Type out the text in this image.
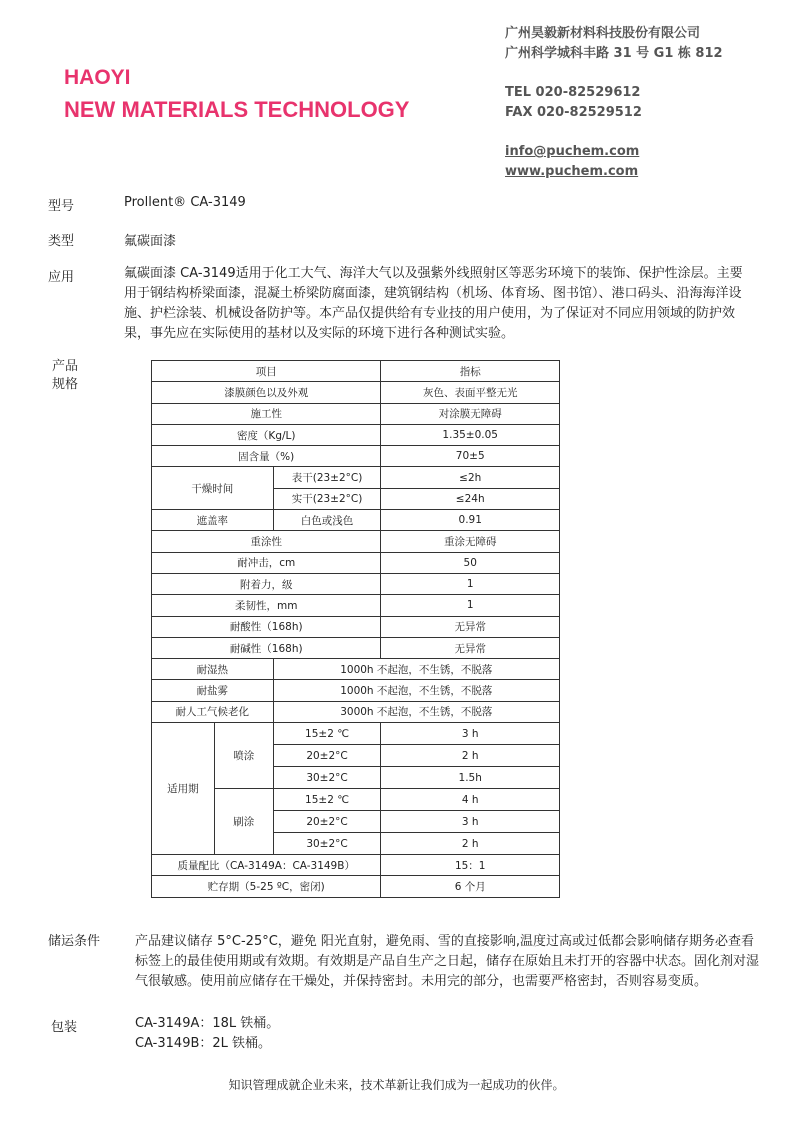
HAOYI
NEW MATERIALS TECHNOLOGY
广州昊毅新材料科技股份有限公司
广州科学城科丰路 31 号 G1 栋 812
TEL 020-82529612
FAX 020-82529512
info@puchem.com
www.puchem.com
型号	Prollent® CA-3149
类型	氟碳面漆
应用	氟碳面漆 CA-3149适用于化工大气、海洋大气以及强紫外线照射区等恶劣环境下的装饰、保护性涂层。主要用于钢结构桥梁面漆，混凝土桥梁防腐面漆，建筑钢结构（机场、体育场、图书馆）、港口码头、沿海海洋设施、护栏涂装、机械设备防护等。本产品仅提供给有专业技的用户使用，为了保证对不同应用领域的防护效果，事先应在实际使用的基材以及实际的环境下进行各种测试实验。
产品
规格
项目			指标
漆膜颜色以及外观			灰色、表面平整无光
施工性			对涂膜无障碍
密度（Kg/L)			1.35±0.05
固含量（%)			70±5
干燥时间		表干(23±2°C)	≤2h
		实干(23±2°C)	≤24h
遮盖率		白色或浅色	0.91
重涂性			重涂无障碍
耐冲击，cm			50
附着力，级			1
柔韧性，mm			1
耐酸性（168h)			无异常
耐碱性（168h)			无异常
耐湿热		1000h 不起泡，不生锈，不脱落	
耐盐雾		1000h 不起泡，不生锈，不脱落	
耐人工气候老化		3000h 不起泡，不生锈，不脱落	
适用期	喷涂	15±2 ℃	3 h
		20±2°C	2 h
		30±2°C	1.5h
	刷涂	15±2 ℃	4 h
		20±2°C	3 h
		30±2°C	2 h
质量配比（CA-3149A：CA-3149B）			15：1
贮存期（5-25 ºC，密闭)			6 个月
储运条件	产品建议储存 5°C-25°C，避免 阳光直射，避免雨、雪的直接影响,温度过高或过低都会影响储存期务必查看标签上的最佳使用期或有效期。有效期是产品自生产之日起，储存在原始且未打开的容器中状态。固化剂对湿气很敏感。使用前应储存在干燥处，并保持密封。未用完的部分，也需要严格密封，否则容易变质。
包装	CA-3149A：18L 铁桶。
CA-3149B：2L 铁桶。
知识管理成就企业未来，技术革新让我们成为一起成功的伙伴。
